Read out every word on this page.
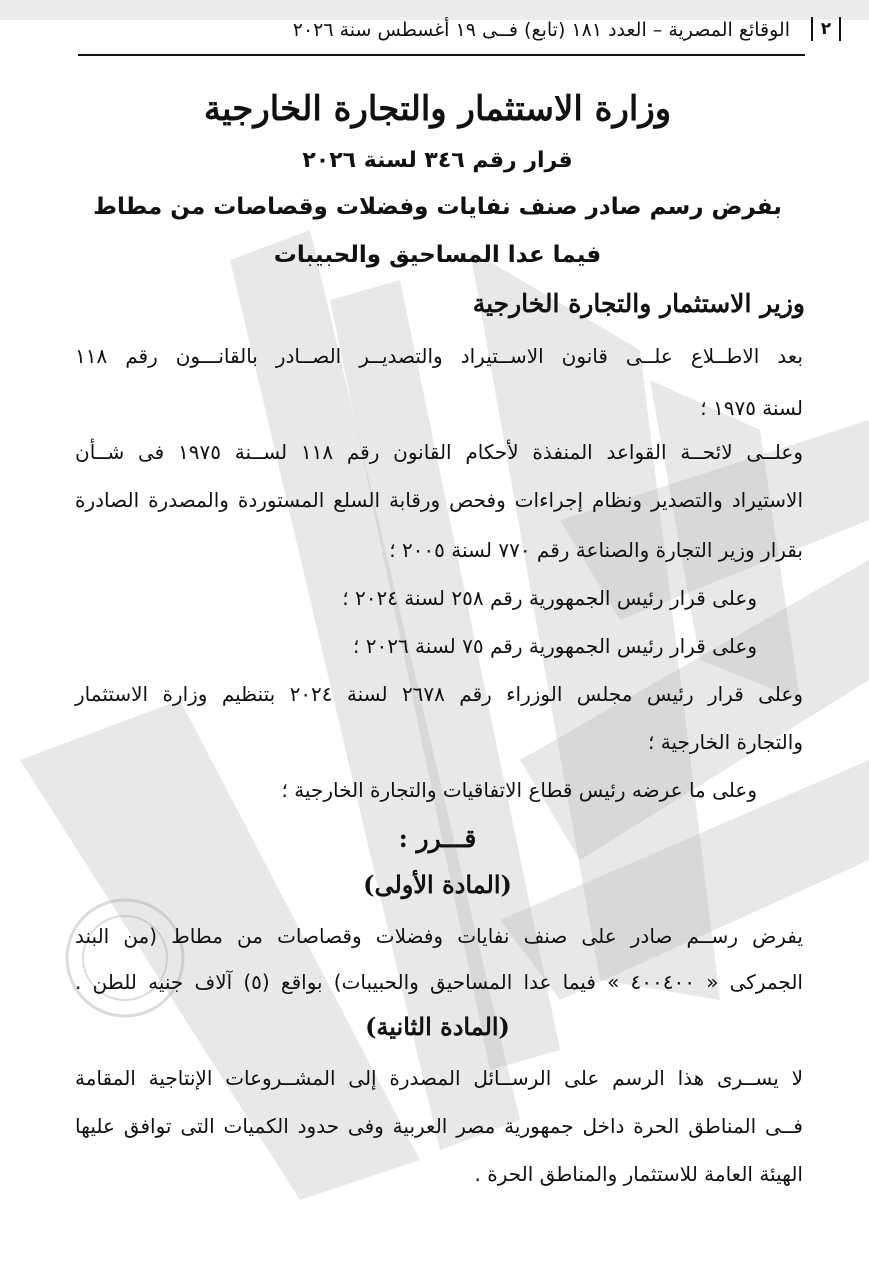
٢
الوقائع المصرية – العدد ١٨١ (تابع) فــى ١٩ أغسطس سنة ٢٠٢٦
وزارة الاستثمار والتجارة الخارجية
قرار رقم ٣٤٦ لسنة ٢٠٢٦
بفرض رسم صادر صنف نفايات وفضلات وقصاصات من مطاط
فيما عدا المساحيق والحبيبات
وزير الاستثمار والتجارة الخارجية
بعد الاطــلاع علــى قانون الاســتيراد والتصديــر الصــادر بالقانـــون رقم ١١٨
لسنة ١٩٧٥ ؛
وعلــى لائحــة القواعد المنفذة لأحكام القانون رقم ١١٨ لســنة ١٩٧٥ فى شــأن
الاستيراد والتصدير ونظام إجراءات وفحص ورقابة السلع المستوردة والمصدرة الصادرة
بقرار وزير التجارة والصناعة رقم ٧٧٠ لسنة ٢٠٠٥ ؛
وعلى قرار رئيس الجمهورية رقم ٢٥٨ لسنة ٢٠٢٤ ؛
وعلى قرار رئيس الجمهورية رقم ٧٥ لسنة ٢٠٢٦ ؛
وعلى قرار رئيس مجلس الوزراء رقم ٢٦٧٨ لسنة ٢٠٢٤ بتنظيم وزارة الاستثمار
والتجارة الخارجية ؛
وعلى ما عرضه رئيس قطاع الاتفاقيات والتجارة الخارجية ؛
قـــرر :
(المادة الأولى)
يفرض رســم صادر على صنف نفايات وفضلات وقصاصات من مطاط (من البند
الجمركى « ٤٠٠٤٠٠ » فيما عدا المساحيق والحبيبات) بواقع (٥) آلاف جنيه للطن .
(المادة الثانية)
لا يســرى هذا الرسم على الرســائل المصدرة إلى المشــروعات الإنتاجية المقامة
فــى المناطق الحرة داخل جمهورية مصر العربية وفى حدود الكميات التى توافق عليها
الهيئة العامة للاستثمار والمناطق الحرة .
